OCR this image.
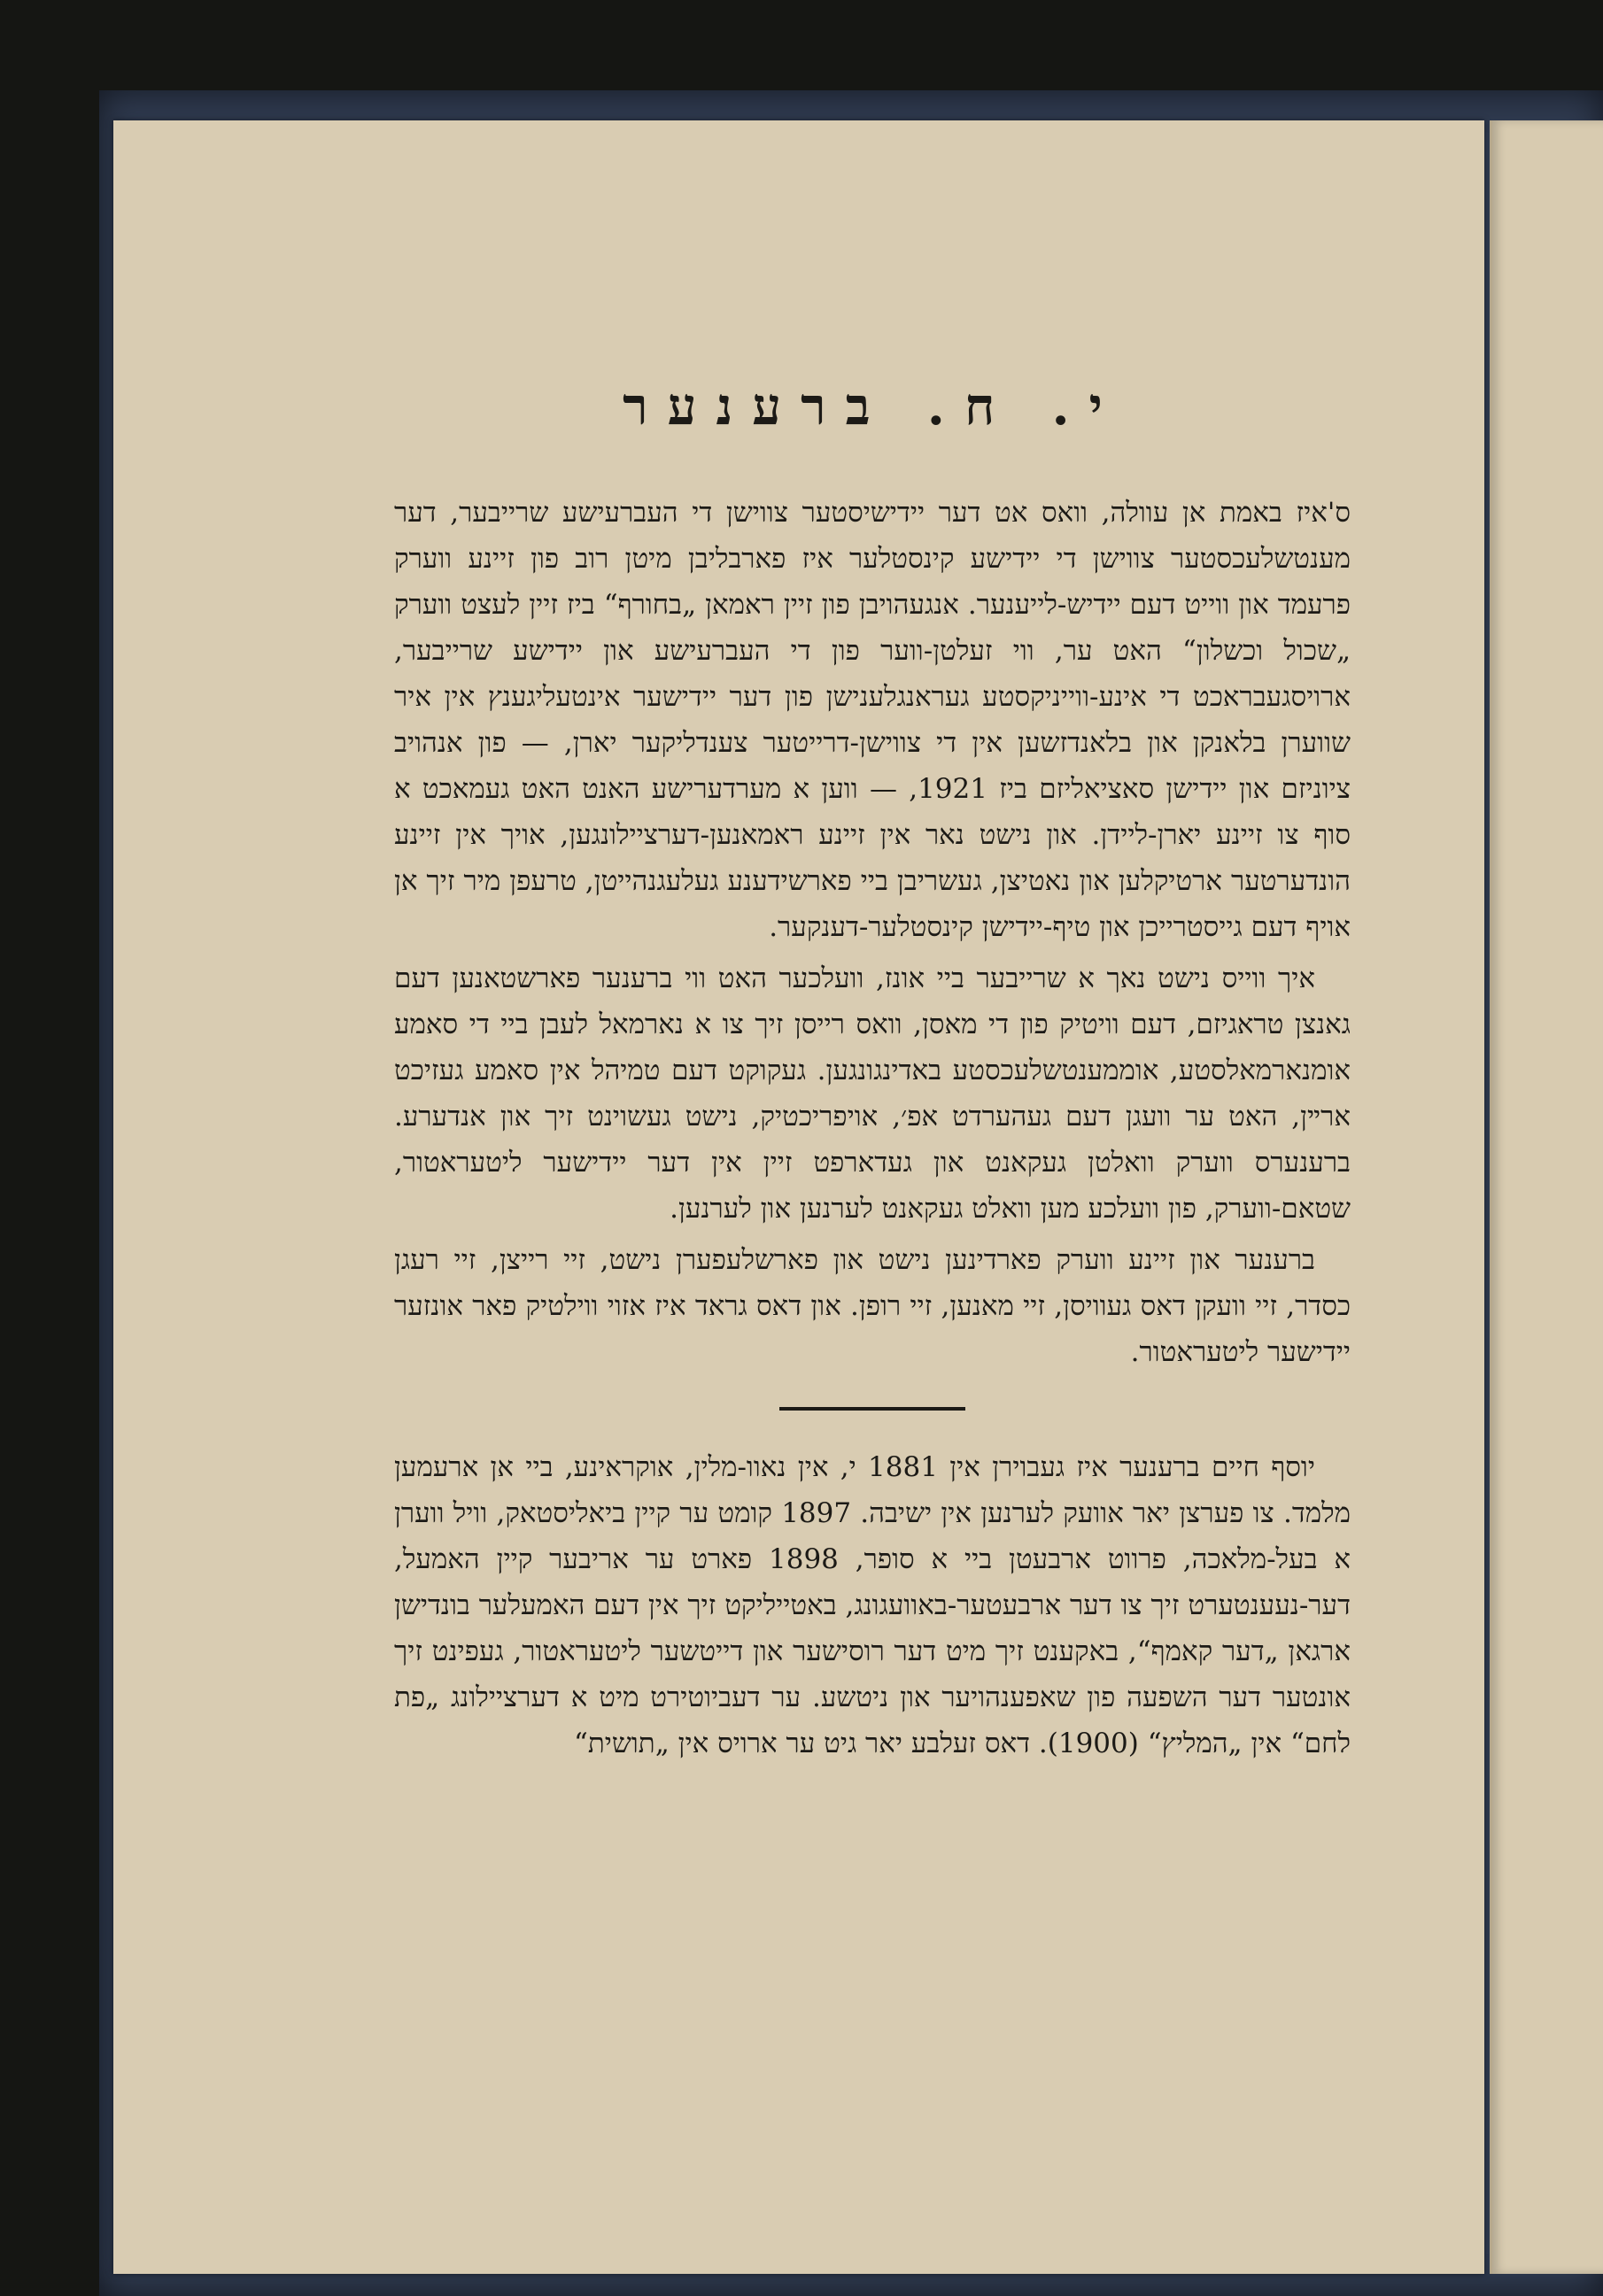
י. ח. ברענער

ס'איז באמת אן עוולה, וואס אט דער יידישיסטער צווישן די העברעישע שרייבער, דער מענטשלעכסטער צווישן די יידישע קינסטלער איז פארבליבן מיטן רוב פון זיינע ווערק פרעמד און ווייט דעם יידיש-לייענער. אנגעהויבן פון זיין ראמאן „בחורף“ ביז זיין לעצט ווערק „שכול וכשלון“ האט ער, ווי זעלטן-ווער פון די העברעישע און יידישע שרייבער, ארויסגעבראכט די אינע-ווייניקסטע געראנגלענישן פון דער יידישער אינטעליגענץ אין איר שווערן בלאנקן און בלאנדזשען אין די צווישן-דרייטער צענדליקער יארן, — פון אנהויב ציוניזם און יידישן סאציאליזם ביז 1921, — ווען א מערדערישע האנט האט געמאכט א סוף צו זיינע יארן-ליידן. און נישט נאר אין זיינע ראמאנען-דערציילונגען, אויך אין זיינע הונדערטער ארטיקלען און נאטיצן, געשריבן ביי פארשידענע געלעגנהייטן, טרעפן מיר זיך אן אויף דעם גייסטרייכן און טיף-יידישן קינסטלער-דענקער.

איך ווייס נישט נאך א שרייבער ביי אונז, וועלכער האט ווי ברענער פארשטאנען דעם גאנצן טראגיזם, דעם וויטיק פון די מאסן, וואס רייסן זיך צו א נארמאל לעבן ביי די סאמע אומנארמאלסטע, אוממענטשלעכסטע באדינגונגען. געקוקט דעם טמיהל אין סאמע געזיכט ארײן, האט ער וועגן דעם געהערדט אפ׳, אויפריכטיק, נישט געשוינט זיך און אנדערע. ברענערס ווערק וואלטן געקאנט און געדארפט זיין אין דער יידישער ליטעראטור, שטאם-ווערק, פון וועלכע מען וואלט געקאנט לערנען און לערנען.

ברענער און זיינע ווערק פארדינען נישט און פארשלעפערן נישט, זיי רייצן, זיי רעגן כסדר, זיי וועקן דאס געוויסן, זיי מאנען, זיי רופן. און דאס גראד איז אזוי ווילטיק פאר אונזער יידישער ליטעראטור.

יוסף חיים ברענער איז געבוירן אין 1881 י, אין נאוו-מלין, אוקראינע, ביי אן ארעמען מלמד. צו פערצן יאר אוועק לערנען אין ישיבה. 1897 קומט ער קיין ביאליסטאק, וויל ווערן א בעל-מלאכה, פרווט ארבעטן ביי א סופר, 1898 פארט ער אריבער קיין האמעל, דער-נעענטערט זיך צו דער ארבעטער-באוועגונג, באטייליקט זיך אין דעם האמעלער בונדישן ארגאן „דער קאמף“, באקענט זיך מיט דער רוסישער און דייטשער ליטעראטור, געפינט זיך אונטער דער השפעה פון שאפענהויער און ניטשע. ער דעביוטירט מיט א דערציילונג „פת לחם“ אין „המליץ“ (1900). דאס זעלבע יאר גיט ער ארויס אין „תושית“
